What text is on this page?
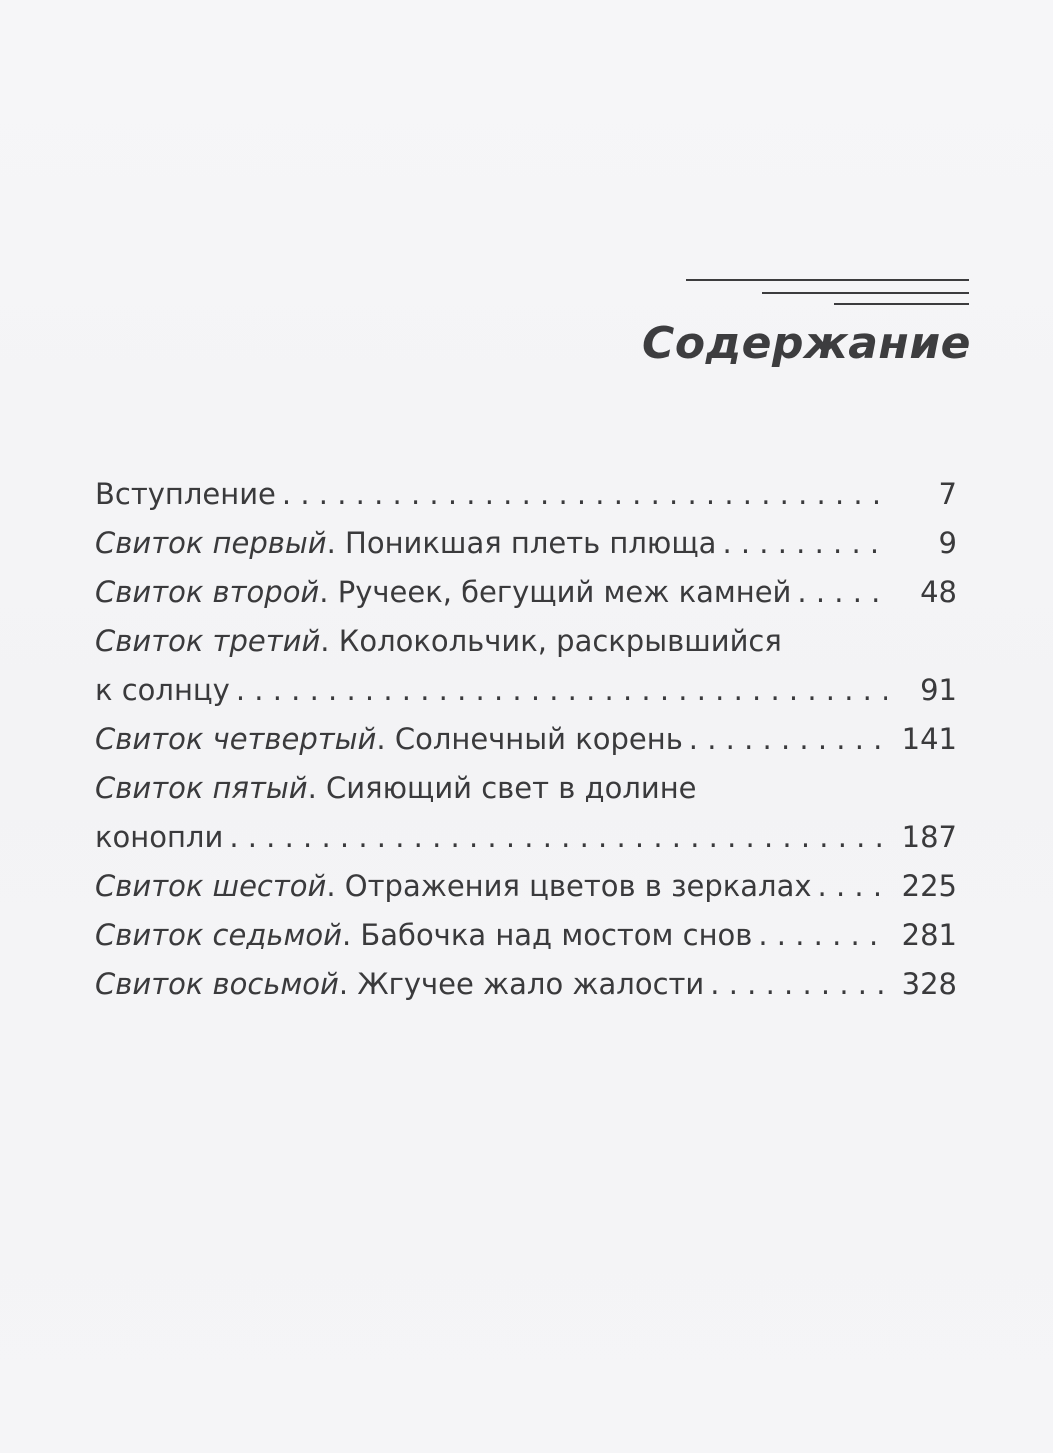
Содержание
Вступление . . .	7
Свиток первый . Поникшая плеть плюща . . .	9
Свиток второй . Ручеек, бегущий меж камней . . .	48
Свиток третий . Колокольчик, раскрывшийся
к солнцу . . .	91
Свиток четвертый . Солнечный корень . . .	141
Свиток пятый . Сияющий свет в долине
конопли . . .	187
Свиток шестой . Отражения цветов в зеркалах . . .	225
Свиток седьмой . Бабочка над мостом снов . . .	281
Свиток восьмой . Жгучее жало жалости . . .	328
